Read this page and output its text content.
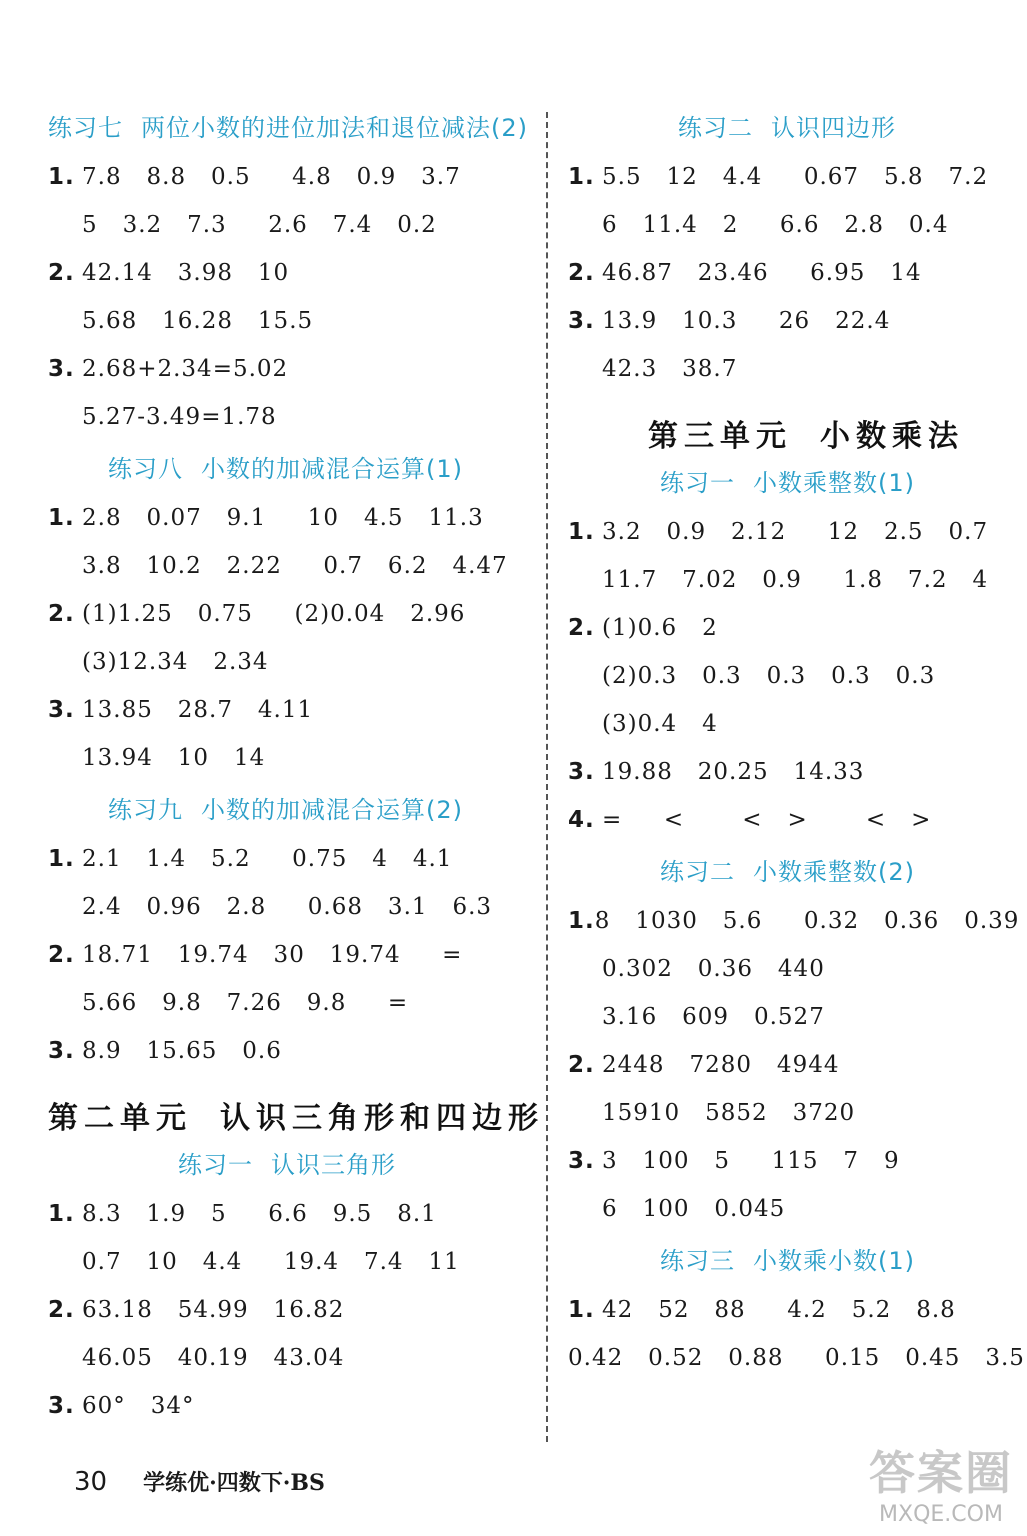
练习七 两位小数的进位加法和退位减法(2)
1. 7.8   8.8   0.5     4.8   0.9   3.7
5   3.2   7.3     2.6   7.4   0.2
2. 42.14   3.98   10
5.68   16.28   15.5
3. 2.68+2.34=5.02
5.27-3.49=1.78
练习八 小数的加减混合运算(1)
1. 2.8   0.07   9.1     10   4.5   11.3
3.8   10.2   2.22     0.7   6.2   4.47
2. (1)1.25   0.75     (2)0.04   2.96
(3)12.34   2.34
3. 13.85   28.7   4.11
13.94   10   14
练习九 小数的加减混合运算(2)
1. 2.1   1.4   5.2     0.75   4   4.1
2.4   0.96   2.8     0.68   3.1   6.3
2. 18.71   19.74   30   19.74     =
5.66   9.8   7.26   9.8     =
3. 8.9   15.65   0.6
第二单元 认识三角形和四边形
练习一 认识三角形
1. 8.3   1.9   5     6.6   9.5   8.1
0.7   10   4.4     19.4   7.4   11
2. 63.18   54.99   16.82
46.05   40.19   43.04
3. 60°   34°
练习二 认识四边形
1. 5.5   12   4.4     0.67   5.8   7.2
6   11.4   2     6.6   2.8   0.4
2. 46.87   23.46     6.95   14
3. 13.9   10.3     26   22.4
42.3   38.7
第三单元 小数乘法
练习一 小数乘整数(1)
1. 3.2   0.9   2.12     12   2.5   0.7
11.7   7.02   0.9     1.8   7.2   4
2. (1)0.6   2
(2)0.3   0.3   0.3   0.3   0.3
(3)0.4   4
3. 19.88   20.25   14.33
4. =     <       <   >       <   >
练习二 小数乘整数(2)
1. 8   1030   5.6     0.32   0.36   0.39
0.302   0.36   440
3.16   609   0.527
2. 2448   7280   4944
15910   5852   3720
3. 3   100   5     115   7   9
6   100   0.045
练习三 小数乘小数(1)
1. 42   52   88     4.2   5.2   8.8
0.42   0.52   0.88     0.15   0.45   3.5
30 学练优·四数下·BS	答案圈
MXQE.COM
